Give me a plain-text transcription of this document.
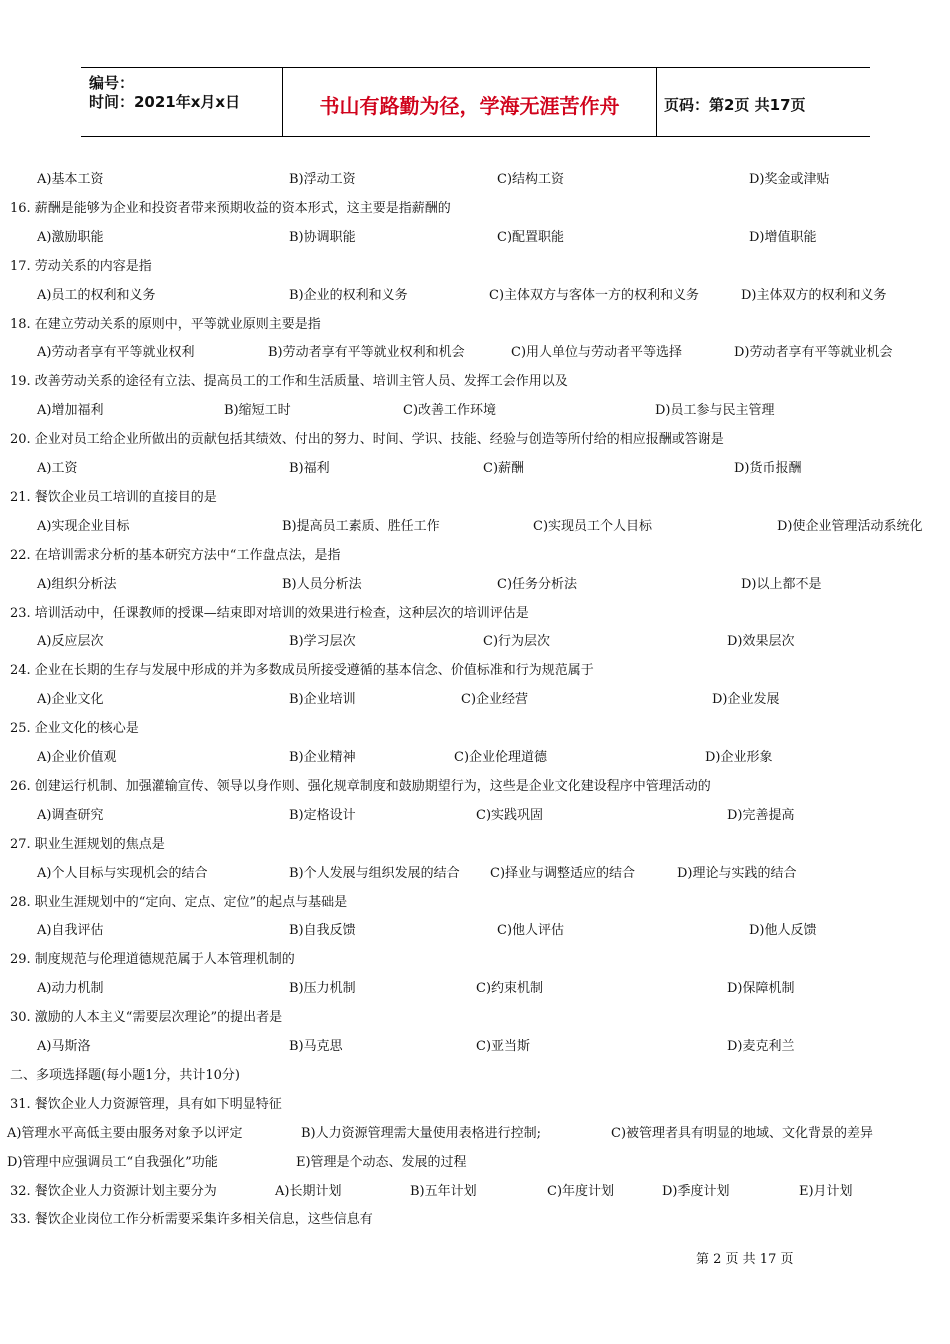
编号：
时间：2021年x月x日	书山有路勤为径，学海无涯苦作舟	页码：第2页 共17页
A)基本工资	B)浮动工资	C)结构工资	D)奖金或津贴
16. 薪酬是能够为企业和投资者带来预期收益的资本形式，这主要是指薪酬的
A)激励职能	B)协调职能	C)配置职能	D)增值职能
17. 劳动关系的内容是指
A)员工的权利和义务	B)企业的权利和义务	C)主体双方与客体一方的权利和义务	D)主体双方的权利和义务
18. 在建立劳动关系的原则中，平等就业原则主要是指
A)劳动者享有平等就业权利	B)劳动者享有平等就业权利和机会	C)用人单位与劳动者平等选择	D)劳动者享有平等就业机会
19. 改善劳动关系的途径有立法、提高员工的工作和生活质量、培训主管人员、发挥工会作用以及
A)增加福利	B)缩短工时	C)改善工作环境	D)员工参与民主管理
20. 企业对员工给企业所做出的贡献包括其绩效、付出的努力、时间、学识、技能、经验与创造等所付给的相应报酬或答谢是
A)工资	B)福利	C)薪酬	D)货币报酬
21. 餐饮企业员工培训的直接目的是
A)实现企业目标	B)提高员工素质、胜任工作	C)实现员工个人目标	D)使企业管理活动系统化
22. 在培训需求分析的基本研究方法中“工作盘点法，是指
A)组织分析法	B)人员分析法	C)任务分析法	D)以上都不是
23. 培训活动中，任课教师的授课—结束即对培训的效果进行检查，这种层次的培训评估是
A)反应层次	B)学习层次	C)行为层次	D)效果层次
24. 企业在长期的生存与发展中形成的并为多数成员所接受遵循的基本信念、价值标准和行为规范属于
A)企业文化	B)企业培训	C)企业经营	D)企业发展
25. 企业文化的核心是
A)企业价值观	B)企业精神	C)企业伦理道德	D)企业形象
26. 创建运行机制、加强灌输宣传、领导以身作则、强化规章制度和鼓励期望行为，这些是企业文化建设程序中管理活动的
A)调查研究	B)定格设计	C)实践巩固	D)完善提高
27. 职业生涯规划的焦点是
A)个人目标与实现机会的结合	B)个人发展与组织发展的结合 C)择业与调整适应的结合	D)理论与实践的结合
28. 职业生涯规划中的“定向、定点、定位”的起点与基础是
A)自我评估	B)自我反馈	C)他人评估	D)他人反馈
29. 制度规范与伦理道德规范属于人本管理机制的
A)动力机制	B)压力机制	C)约束机制	D)保障机制
30. 激励的人本主义“需要层次理论”的提出者是
A)马斯洛	B)马克思	C)亚当斯	D)麦克利兰
二、多项选择题(每小题1分，共计10分)
31. 餐饮企业人力资源管理，具有如下明显特征
A)管理水平高低主要由服务对象予以评定	B)人力资源管理需大量使用表格进行控制;	C)被管理者具有明显的地域、文化背景的差异
D)管理中应强调员工“自我强化”功能	E)管理是个动态、发展的过程
32. 餐饮企业人力资源计划主要分为	A)长期计划	B)五年计划	C)年度计划	D)季度计划	E)月计划
33. 餐饮企业岗位工作分析需要采集许多相关信息，这些信息有
第 2 页 共 17 页
